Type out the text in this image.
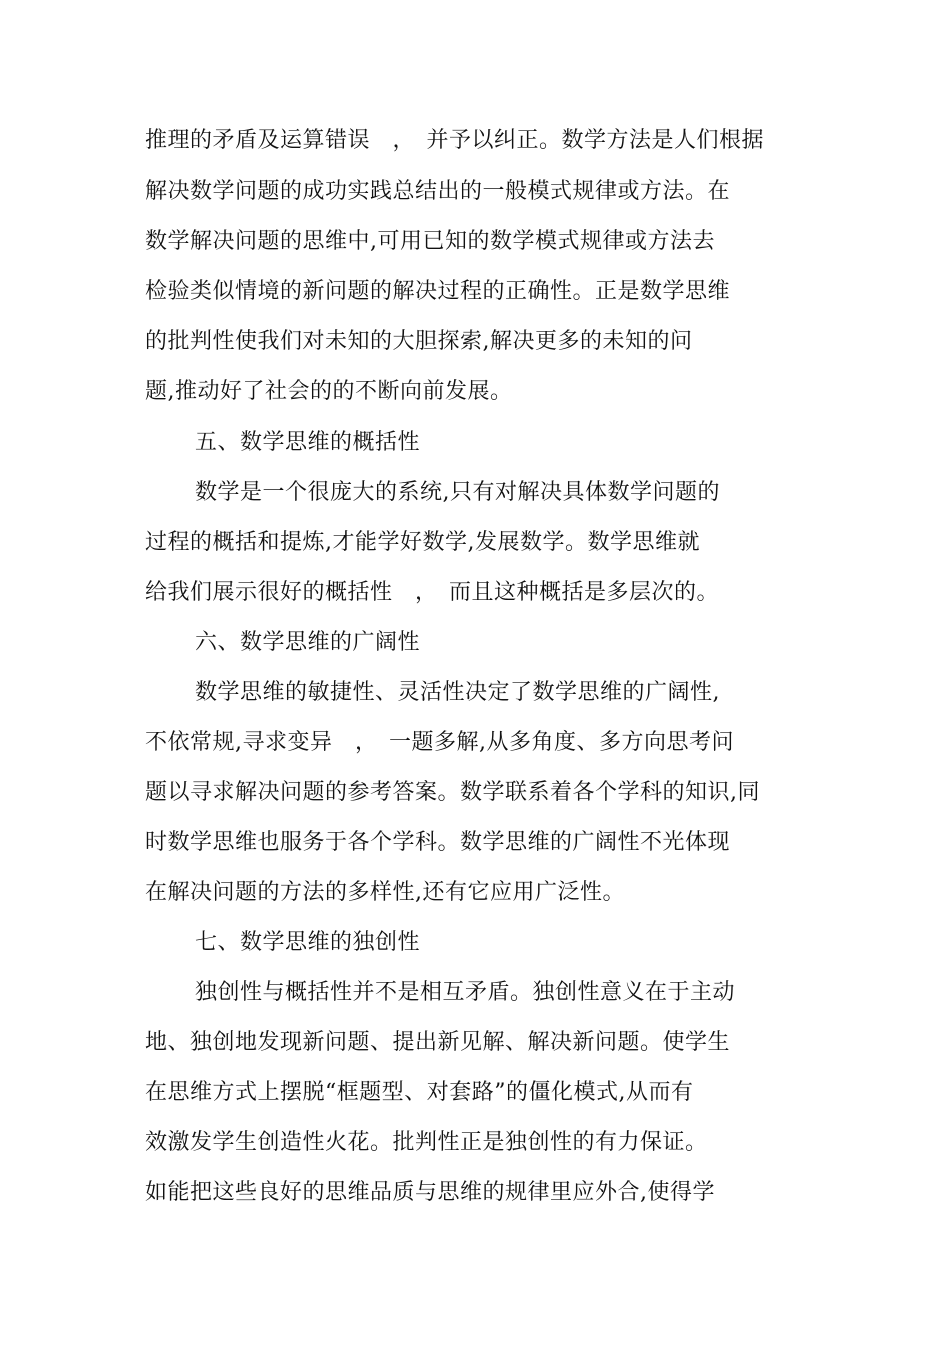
推理的矛盾及运算错误　，　并予以纠正。数学方法是人们根据
解决数学问题的成功实践总结出的一般模式规律或方法。在
数学解决问题的思维中,可用已知的数学模式规律或方法去
检验类似情境的新问题的解决过程的正确性。正是数学思维
的批判性使我们对未知的大胆探索,解决更多的未知的问
题,推动好了社会的的不断向前发展。
五、数学思维的概括性
数学是一个很庞大的系统,只有对解决具体数学问题的
过程的概括和提炼,才能学好数学,发展数学。数学思维就
给我们展示很好的概括性　，　而且这种概括是多层次的。
六、数学思维的广阔性
数学思维的敏捷性、灵活性决定了数学思维的广阔性,
不依常规,寻求变异　，　一题多解,从多角度、多方向思考问
题以寻求解决问题的参考答案。数学联系着各个学科的知识,同
时数学思维也服务于各个学科。数学思维的广阔性不光体现
在解决问题的方法的多样性,还有它应用广泛性。
七、数学思维的独创性
独创性与概括性并不是相互矛盾。独创性意义在于主动
地、独创地发现新问题、提出新见解、解决新问题。使学生
在思维方式上摆脱“框题型、对套路”的僵化模式,从而有
效激发学生创造性火花。批判性正是独创性的有力保证。
如能把这些良好的思维品质与思维的规律里应外合,使得学
